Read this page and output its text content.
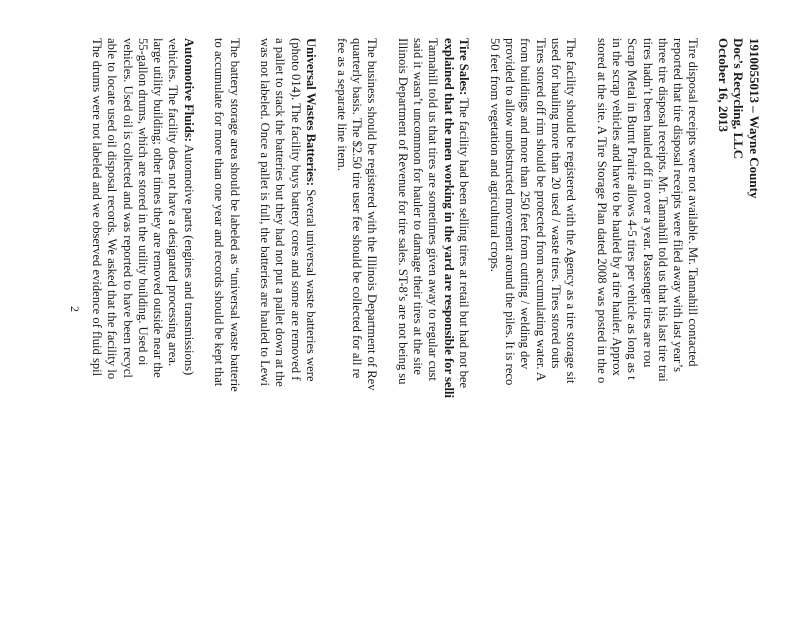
1910055013 – Wayne County
Doc’s Recycling, LLC
October 16, 2013
Tire disposal receipts were not available. Mr. Tannahill contacted
reported that tire disposal receipts were filed away with last year’s
three tire disposal receipts. Mr. Tannahill told us that his last tire trai
tires hadn’t been hauled off in over a year. Passenger tires are rou
Scrap Metal in Burnt Prairie allows 4-5 tires per vehicle as long as t
in the scrap vehicles and have to be hauled by a tire hauler. Approx
stored at the site. A Tire Storage Plan dated 2008 was posted in the o
The facility should be registered with the Agency as a tire storage sit
used for hauling more than 20 used / waste tires. Tires stored outs
Tires stored off rim should be protected from accumulating water. A
from buildings and more than 250 feet from cutting / welding dev
provided to allow unobstructed movement around the piles. It is reco
50 feet from vegetation and agricultural crops.
Tire Sales: The facility had been selling tires at retail but had not bee
explained that the men working in the yard are responsible for selli
Tannahill told us that tires are sometimes given away to regular cust
said it wasn’t uncommon for hauler to damage their tires at the site
Illinois Department of Revenue for tire sales. ST-8’s are not being su
The business should be registered with the Illinois Department of Rev
quarterly basis. The $2.50 tire user fee should be collected for all re
fee as a separate line item.
Universal Wastes Batteries: Several universal waste batteries were
(photo 014). The facility buys battery cores and some are removed f
a pallet to stack the batteries but they had not put a pallet down at the
was not labeled. Once a pallet is full, the batteries are hauled to Lewi
The battery storage area should be labeled as “universal waste batterie
to accumulate for more than one year and records should be kept that
Automotive Fluids: Automotive parts (engines and transmissions)
vehicles. The facility does not have a designated processing area.
large utility building; other times they are removed outside near the
55-gallon drums, which are stored in the utility building. Used oi
vehicles. Used oil is collected and was reported to have been recycl
able to locate used oil disposal records. We asked that the facility lo
The drums were not labeled and we observed evidence of fluid spil
2
